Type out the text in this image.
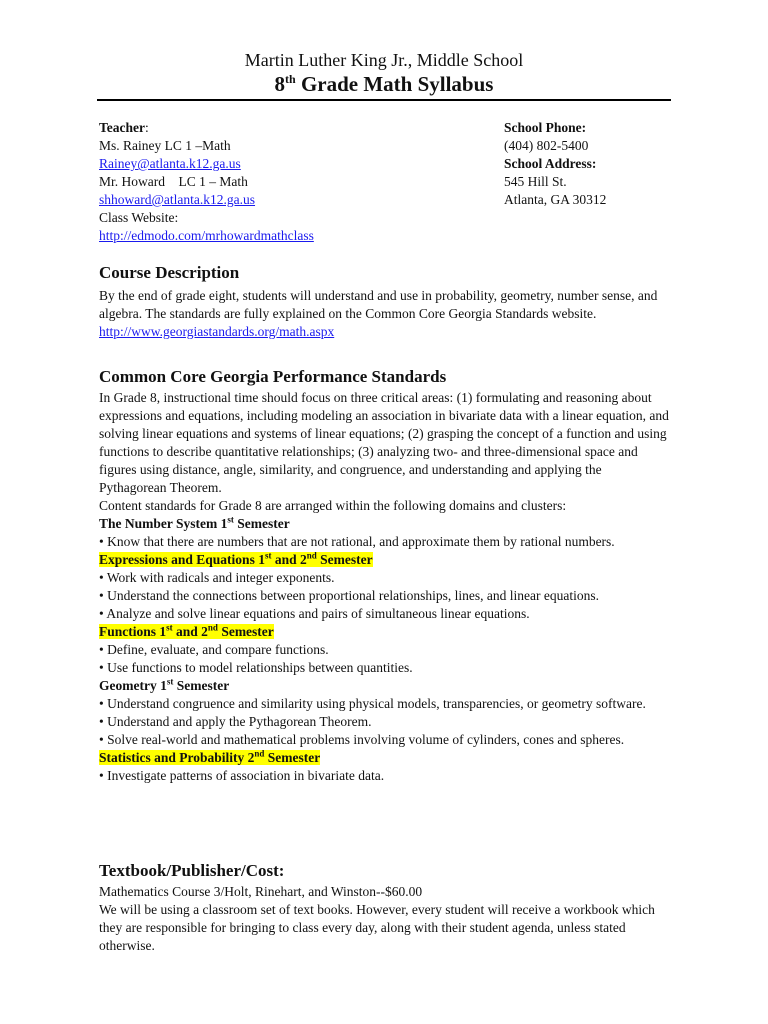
Martin Luther King Jr., Middle School
8th Grade Math Syllabus
Teacher:
Ms. Rainey LC 1 –Math
Rainey@atlanta.k12.ga.us
Mr. Howard    LC 1 – Math
shhoward@atlanta.k12.ga.us
Class Website:
http://edmodo.com/mrhowardmathclass
School Phone:
(404) 802-5400
School Address:
545 Hill St.
Atlanta, GA 30312
Course Description
By the end of grade eight, students will understand and use in probability, geometry, number sense, and algebra. The standards are fully explained on the Common Core Georgia Standards website. http://www.georgiastandards.org/math.aspx
Common Core Georgia Performance Standards

In Grade 8, instructional time should focus on three critical areas: (1) formulating and reasoning about expressions and equations, including modeling an association in bivariate data with a linear equation, and solving linear equations and systems of linear equations; (2) grasping the concept of a function and using functions to describe quantitative relationships; (3) analyzing two- and three-dimensional space and figures using distance, angle, similarity, and congruence, and understanding and applying the Pythagorean Theorem.

Content standards for Grade 8 are arranged within the following domains and clusters:

The Number System 1st Semester

• Know that there are numbers that are not rational, and approximate them by rational numbers.

Expressions and Equations 1st and 2nd Semester

• Work with radicals and integer exponents.

• Understand the connections between proportional relationships, lines, and linear equations.

• Analyze and solve linear equations and pairs of simultaneous linear equations.

Functions 1st and 2nd Semester

• Define, evaluate, and compare functions.

• Use functions to model relationships between quantities.

Geometry 1st Semester

• Understand congruence and similarity using physical models, transparencies, or geometry software.

• Understand and apply the Pythagorean Theorem.

• Solve real-world and mathematical problems involving volume of cylinders, cones and spheres.

Statistics and Probability 2nd Semester

• Investigate patterns of association in bivariate data.

Textbook/Publisher/Cost:

Mathematics Course 3/Holt, Rinehart, and Winston--$60.00

We will be using a classroom set of text books. However, every student will receive a workbook which they are responsible for bringing to class every day, along with their student agenda, unless stated otherwise.
